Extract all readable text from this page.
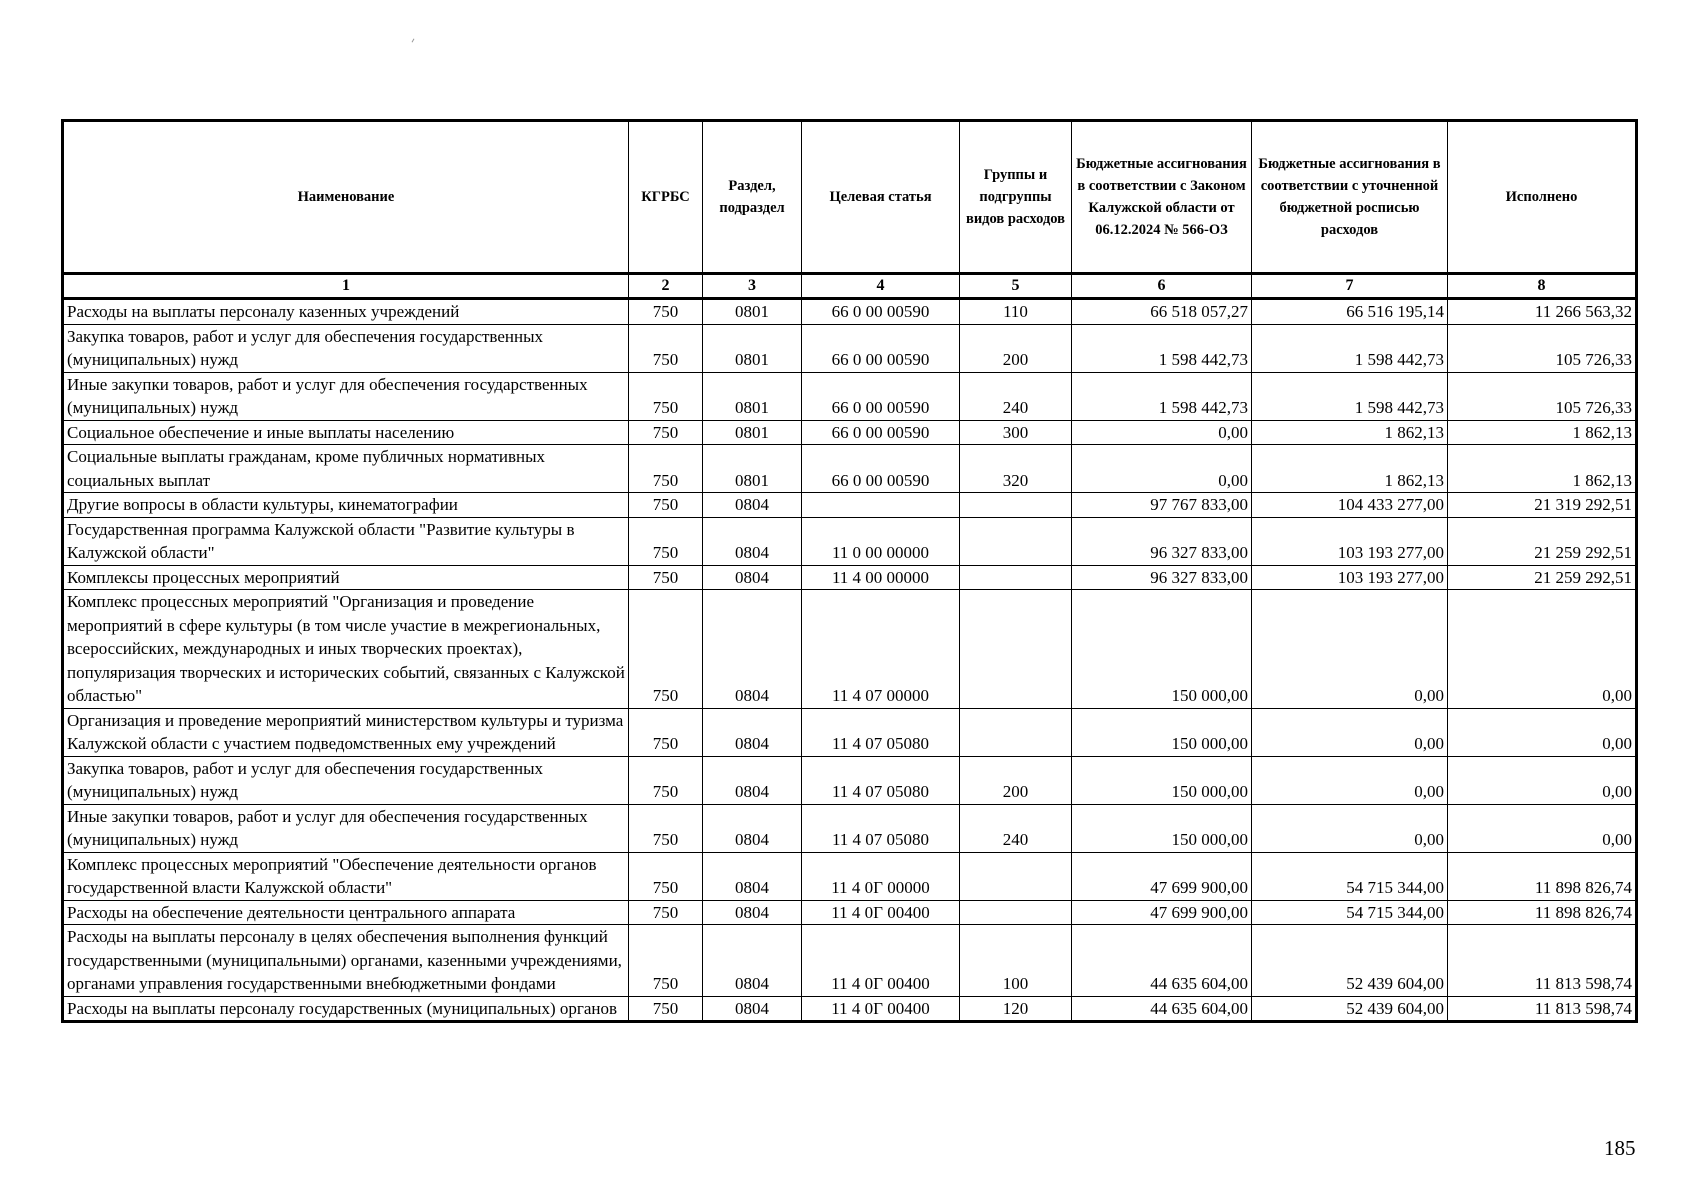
Наименование	КГРБС	Раздел, подраздел	Целевая статья	Группы и подгруппы видов расходов	Бюджетные ассигнования в соответствии с Законом Калужской области от 06.12.2024 № 566-ОЗ	Бюджетные ассигнования в соответствии с уточненной бюджетной росписью расходов	Исполнено
1	2	3	4	5	6	7	8
Расходы на выплаты персоналу казенных учреждений	750	0801	66 0 00 00590	110	66 518 057,27	66 516 195,14	11 266 563,32
Закупка товаров, работ и услуг для обеспечения государственных (муниципальных) нужд	750	0801	66 0 00 00590	200	1 598 442,73	1 598 442,73	105 726,33
Иные закупки товаров, работ и услуг для обеспечения государственных (муниципальных) нужд	750	0801	66 0 00 00590	240	1 598 442,73	1 598 442,73	105 726,33
Социальное обеспечение и иные выплаты населению	750	0801	66 0 00 00590	300	0,00	1 862,13	1 862,13
Социальные выплаты гражданам, кроме публичных нормативных социальных выплат	750	0801	66 0 00 00590	320	0,00	1 862,13	1 862,13
Другие вопросы в области культуры, кинематографии	750	0804			97 767 833,00	104 433 277,00	21 319 292,51
Государственная программа Калужской области "Развитие культуры в Калужской области"	750	0804	11 0 00 00000		96 327 833,00	103 193 277,00	21 259 292,51
Комплексы процессных мероприятий	750	0804	11 4 00 00000		96 327 833,00	103 193 277,00	21 259 292,51
Комплекс процессных мероприятий "Организация и проведение мероприятий в сфере культуры (в том числе участие в межрегиональных, всероссийских, международных и иных творческих проектах), популяризация творческих и исторических событий, связанных с Калужской областью"	750	0804	11 4 07 00000		150 000,00	0,00	0,00
Организация и проведение мероприятий министерством культуры и туризма Калужской области с участием подведомственных ему учреждений	750	0804	11 4 07 05080		150 000,00	0,00	0,00
Закупка товаров, работ и услуг для обеспечения государственных (муниципальных) нужд	750	0804	11 4 07 05080	200	150 000,00	0,00	0,00
Иные закупки товаров, работ и услуг для обеспечения государственных (муниципальных) нужд	750	0804	11 4 07 05080	240	150 000,00	0,00	0,00
Комплекс процессных мероприятий "Обеспечение деятельности органов государственной власти Калужской области"	750	0804	11 4 0Г 00000		47 699 900,00	54 715 344,00	11 898 826,74
Расходы на обеспечение деятельности центрального аппарата	750	0804	11 4 0Г 00400		47 699 900,00	54 715 344,00	11 898 826,74
Расходы на выплаты персоналу в целях обеспечения выполнения функций государственными (муниципальными) органами, казенными учреждениями, органами управления государственными внебюджетными фондами	750	0804	11 4 0Г 00400	100	44 635 604,00	52 439 604,00	11 813 598,74
Расходы на выплаты персоналу государственных (муниципальных) органов	750	0804	11 4 0Г 00400	120	44 635 604,00	52 439 604,00	11 813 598,74
185
